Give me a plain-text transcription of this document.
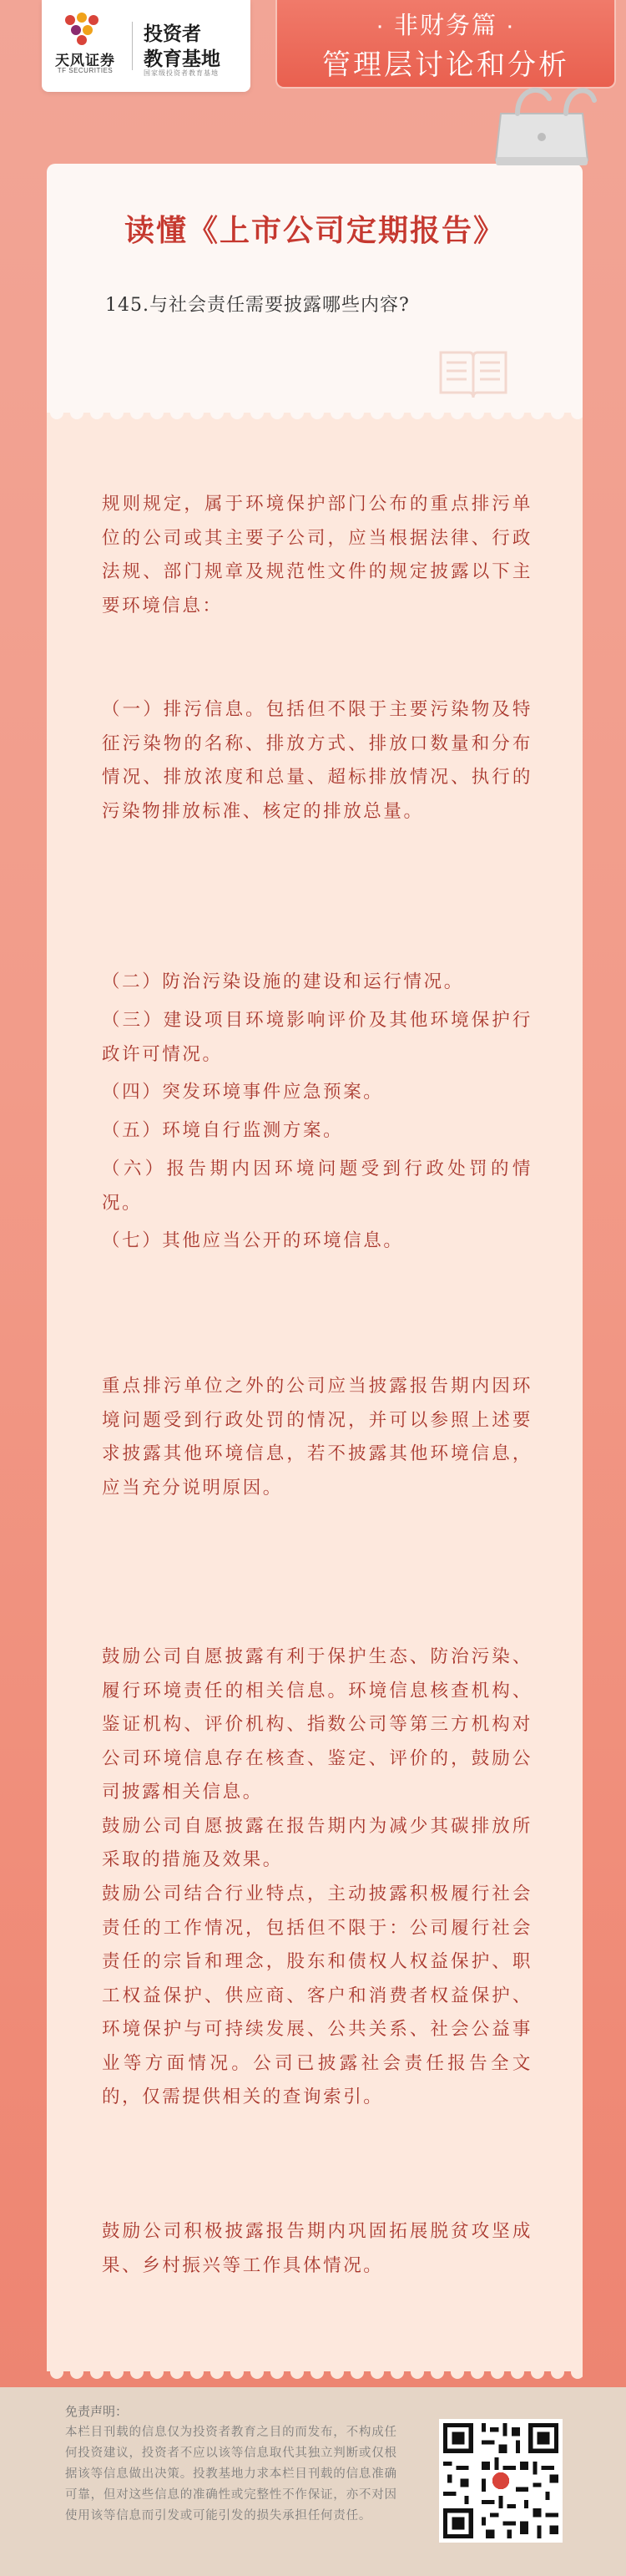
天风证券
TF SECURITIES
投资者
教育基地
国家级投资者教育基地
· 非财务篇 ·
管理层讨论和分析
读懂《上市公司定期报告》
145.与社会责任需要披露哪些内容?
规则规定，属于环境保护部门公布的重点排污单位的公司或其主要子公司，应当根据法律、行政法规、部门规章及规范性文件的规定披露以下主要环境信息：
（一）排污信息。包括但不限于主要污染物及特征污染物的名称、排放方式、排放口数量和分布情况、排放浓度和总量、超标排放情况、执行的污染物排放标准、核定的排放总量。
（二）防治污染设施的建设和运行情况。
（三）建设项目环境影响评价及其他环境保护行政许可情况。
（四）突发环境事件应急预案。
（五）环境自行监测方案。
（六）报告期内因环境问题受到行政处罚的情况。
（七）其他应当公开的环境信息。
重点排污单位之外的公司应当披露报告期内因环境问题受到行政处罚的情况，并可以参照上述要求披露其他环境信息，若不披露其他环境信息，应当充分说明原因。
鼓励公司自愿披露有利于保护生态、防治污染、履行环境责任的相关信息。环境信息核查机构、鉴证机构、评价机构、指数公司等第三方机构对公司环境信息存在核查、鉴定、评价的，鼓励公司披露相关信息。
鼓励公司自愿披露在报告期内为减少其碳排放所采取的措施及效果。
鼓励公司结合行业特点，主动披露积极履行社会责任的工作情况，包括但不限于：公司履行社会责任的宗旨和理念，股东和债权人权益保护、职工权益保护、供应商、客户和消费者权益保护、环境保护与可持续发展、公共关系、社会公益事业等方面情况。公司已披露社会责任报告全文的，仅需提供相关的查询索引。
鼓励公司积极披露报告期内巩固拓展脱贫攻坚成果、乡村振兴等工作具体情况。
免责声明：
本栏目刊载的信息仅为投资者教育之目的而发布，不构成任何投资建议，投资者不应以该等信息取代其独立判断或仅根据该等信息做出决策。投教基地力求本栏目刊载的信息准确可靠，但对这些信息的准确性或完整性不作保证，亦不对因使用该等信息而引发或可能引发的损失承担任何责任。
